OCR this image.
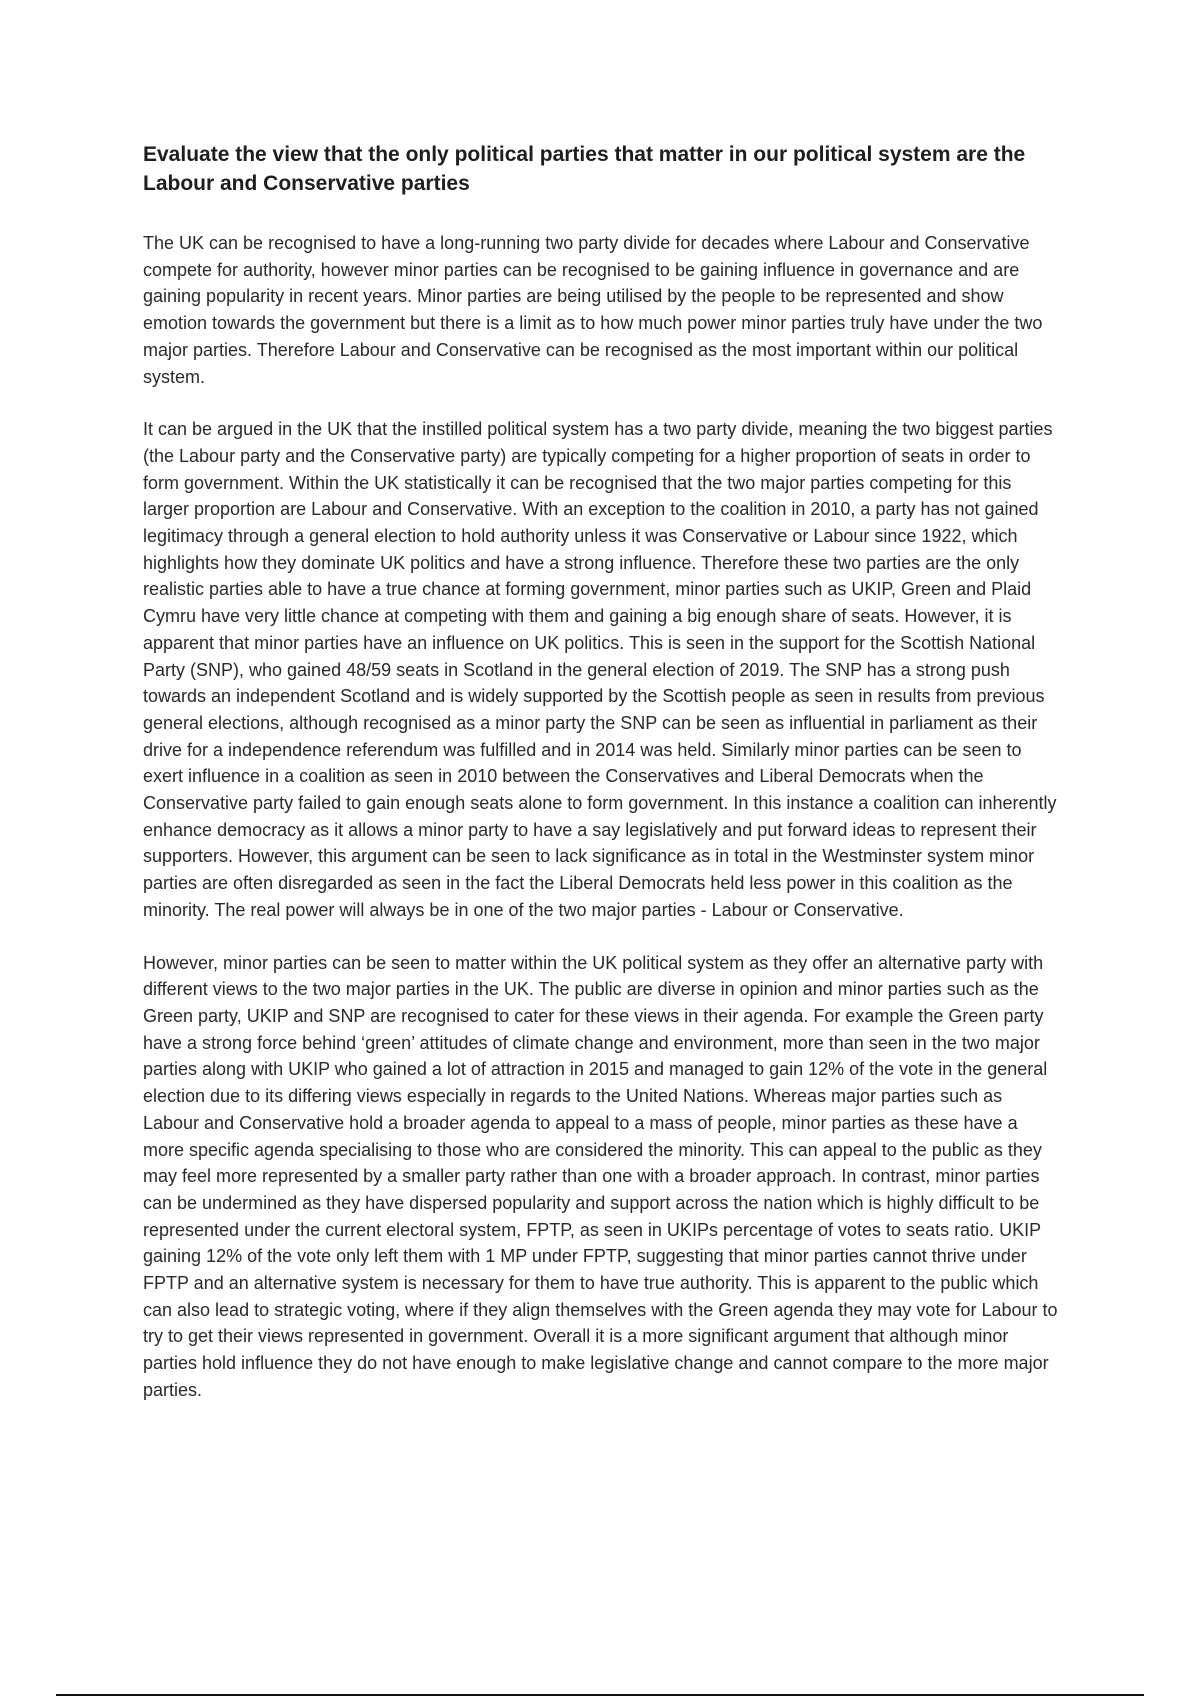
Evaluate the view that the only political parties that matter in our political system are the Labour and Conservative parties

The UK can be recognised to have a long-running two party divide for decades where Labour and Conservative compete for authority, however minor parties can be recognised to be gaining influence in governance and are gaining popularity in recent years. Minor parties are being utilised by the people to be represented and show emotion towards the government but there is a limit as to how much power minor parties truly have under the two major parties. Therefore Labour and Conservative can be recognised as the most important within our political system.

It can be argued in the UK that the instilled political system has a two party divide, meaning the two biggest parties (the Labour party and the Conservative party) are typically competing for a higher proportion of seats in order to form government. Within the UK statistically it can be recognised that the two major parties competing for this larger proportion are Labour and Conservative. With an exception to the coalition in 2010, a party has not gained legitimacy through a general election to hold authority unless it was Conservative or Labour since 1922, which highlights how they dominate UK politics and have a strong influence. Therefore these two parties are the only realistic parties able to have a true chance at forming government, minor parties such as UKIP, Green and Plaid Cymru have very little chance at competing with them and gaining a big enough share of seats. However, it is apparent that minor parties have an influence on UK politics. This is seen in the support for the Scottish National Party (SNP), who gained 48/59 seats in Scotland in the general election of 2019. The SNP has a strong push towards an independent Scotland and is widely supported by the Scottish people as seen in results from previous general elections, although recognised as a minor party the SNP can be seen as influential in parliament as their drive for a independence referendum was fulfilled and in 2014 was held. Similarly minor parties can be seen to exert influence in a coalition as seen in 2010 between the Conservatives and Liberal Democrats when the Conservative party failed to gain enough seats alone to form government. In this instance a coalition can inherently enhance democracy as it allows a minor party to have a say legislatively and put forward ideas to represent their supporters. However, this argument can be seen to lack significance as in total in the Westminster system minor parties are often disregarded as seen in the fact the Liberal Democrats held less power in this coalition as the minority. The real power will always be in one of the two major parties - Labour or Conservative.

However, minor parties can be seen to matter within the UK political system as they offer an alternative party with different views to the two major parties in the UK. The public are diverse in opinion and minor parties such as the Green party, UKIP and SNP are recognised to cater for these views in their agenda. For example the Green party have a strong force behind ‘green’ attitudes of climate change and environment, more than seen in the two major parties along with UKIP who gained a lot of attraction in 2015 and managed to gain 12% of the vote in the general election due to its differing views especially in regards to the United Nations. Whereas major parties such as Labour and Conservative hold a broader agenda to appeal to a mass of people, minor parties as these have a more specific agenda specialising to those who are considered the minority. This can appeal to the public as they may feel more represented by a smaller party rather than one with a broader approach. In contrast, minor parties can be undermined as they have dispersed popularity and support across the nation which is highly difficult to be represented under the current electoral system, FPTP, as seen in UKIPs percentage of votes to seats ratio. UKIP gaining 12% of the vote only left them with 1 MP under FPTP, suggesting that minor parties cannot thrive under FPTP and an alternative system is necessary for them to have true authority. This is apparent to the public which can also lead to strategic voting, where if they align themselves with the Green agenda they may vote for Labour to try to get their views represented in government. Overall it is a more significant argument that although minor parties hold influence they do not have enough to make legislative change and cannot compare to the more major parties.
